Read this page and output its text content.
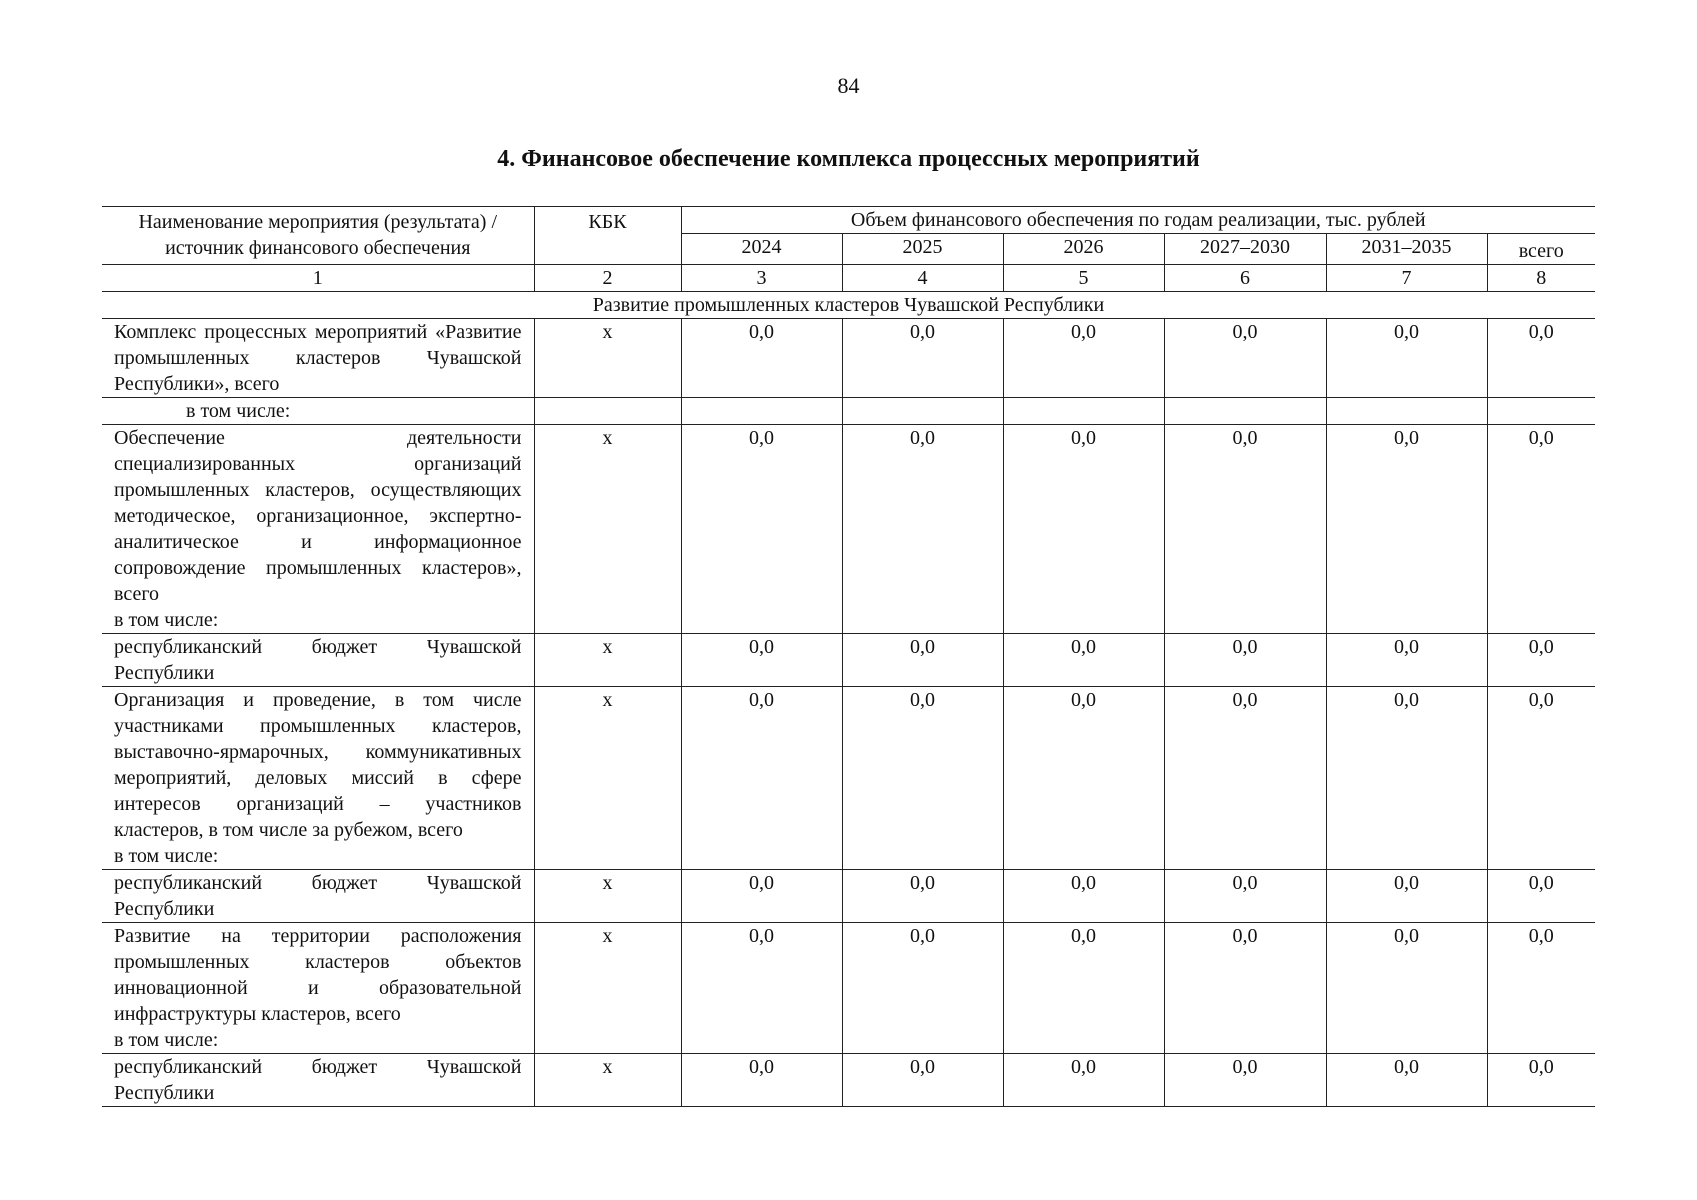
84
4. Финансовое обеспечение комплекса процессных мероприятий
Наименование мероприятия (результата) / источник финансового обеспечения	КБК	Объем финансового обеспечения по годам реализации, тыс. рублей					
		2024	2025	2026	2027–2030	2031–2035	всего
1	2	3	4	5	6	7	8
Развитие промышленных кластеров Чувашской Республики							

Комплекс процессных мероприятий «Развитие промышленных кластеров Чувашской Республики», всего	х	0,0	0,0	0,0	0,0	0,0	0,0

в том числе:							

Обеспечение деятельности специализированных организаций промышленных кластеров, осуществляющих методическое, организационное, экспертно-аналитическое и информационное сопровождение промышленных кластеров», всего
в том числе:	х	0,0	0,0	0,0	0,0	0,0	0,0

республиканский бюджет Чувашской Республики	х	0,0	0,0	0,0	0,0	0,0	0,0

Организация и проведение, в том числе участниками промышленных кластеров, выставочно-ярмарочных, коммуникативных мероприятий, деловых миссий в сфере интересов организаций – участников кластеров, в том числе за рубежом, всего
в том числе:	х	0,0	0,0	0,0	0,0	0,0	0,0

республиканский бюджет Чувашской Республики	х	0,0	0,0	0,0	0,0	0,0	0,0

Развитие на территории расположения промышленных кластеров объектов инновационной и образовательной инфраструктуры кластеров, всего
в том числе:	х	0,0	0,0	0,0	0,0	0,0	0,0

республиканский бюджет Чувашской Республики	х	0,0	0,0	0,0	0,0	0,0	0,0
